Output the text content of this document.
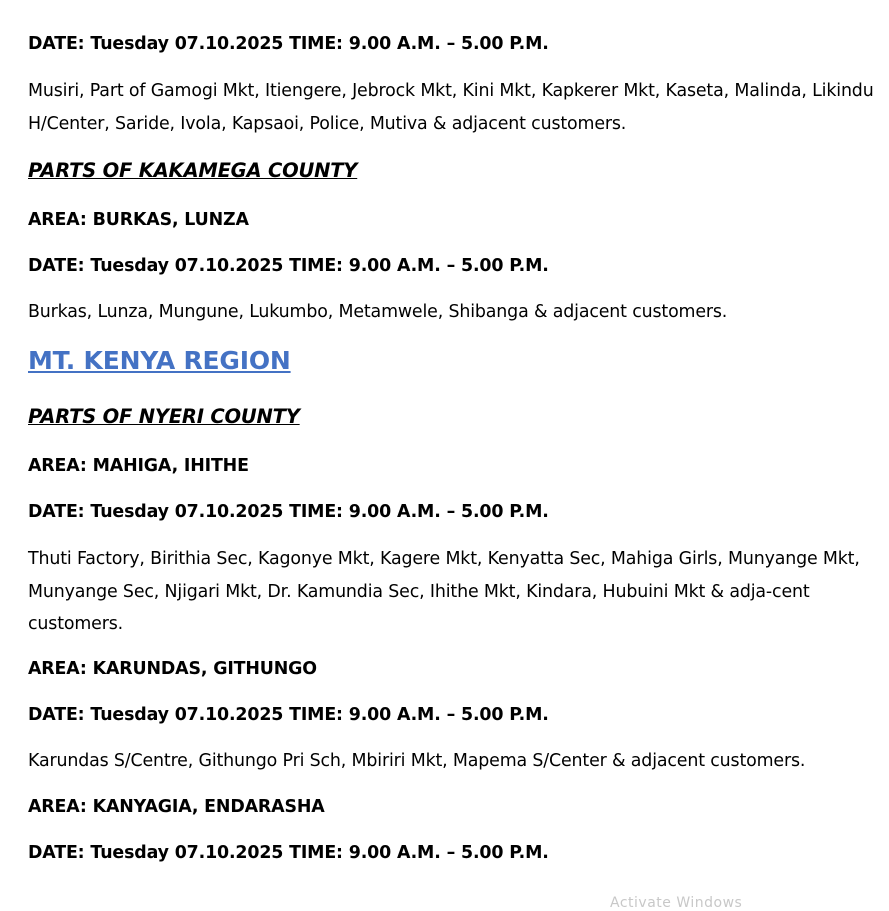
DATE: Tuesday 07.10.2025 TIME: 9.00 A.M. – 5.00 P.M.
Musiri, Part of Gamogi Mkt, Itiengere, Jebrock Mkt, Kini Mkt, Kapkerer Mkt, Kaseta, Malinda, Likindu H/Center, Saride, Ivola, Kapsaoi, Police, Mutiva & adjacent customers.
PARTS OF KAKAMEGA COUNTY
AREA: BURKAS, LUNZA
DATE: Tuesday 07.10.2025 TIME: 9.00 A.M. – 5.00 P.M.
Burkas, Lunza, Mungune, Lukumbo, Metamwele, Shibanga & adjacent customers.
MT. KENYA REGION
PARTS OF NYERI COUNTY
AREA: MAHIGA, IHITHE
DATE: Tuesday 07.10.2025 TIME: 9.00 A.M. – 5.00 P.M.
Thuti Factory, Birithia Sec, Kagonye Mkt, Kagere Mkt, Kenyatta Sec, Mahiga Girls, Munyange Mkt, Munyange Sec, Njigari Mkt, Dr. Kamundia Sec, Ihithe Mkt, Kindara, Hubuini Mkt & adja-cent customers.
AREA: KARUNDAS, GITHUNGO
DATE: Tuesday 07.10.2025 TIME: 9.00 A.M. – 5.00 P.M.
Karundas S/Centre, Githungo Pri Sch, Mbiriri Mkt, Mapema S/Center & adjacent customers.
AREA: KANYAGIA, ENDARASHA
DATE: Tuesday 07.10.2025 TIME: 9.00 A.M. – 5.00 P.M.
Activate Windows
